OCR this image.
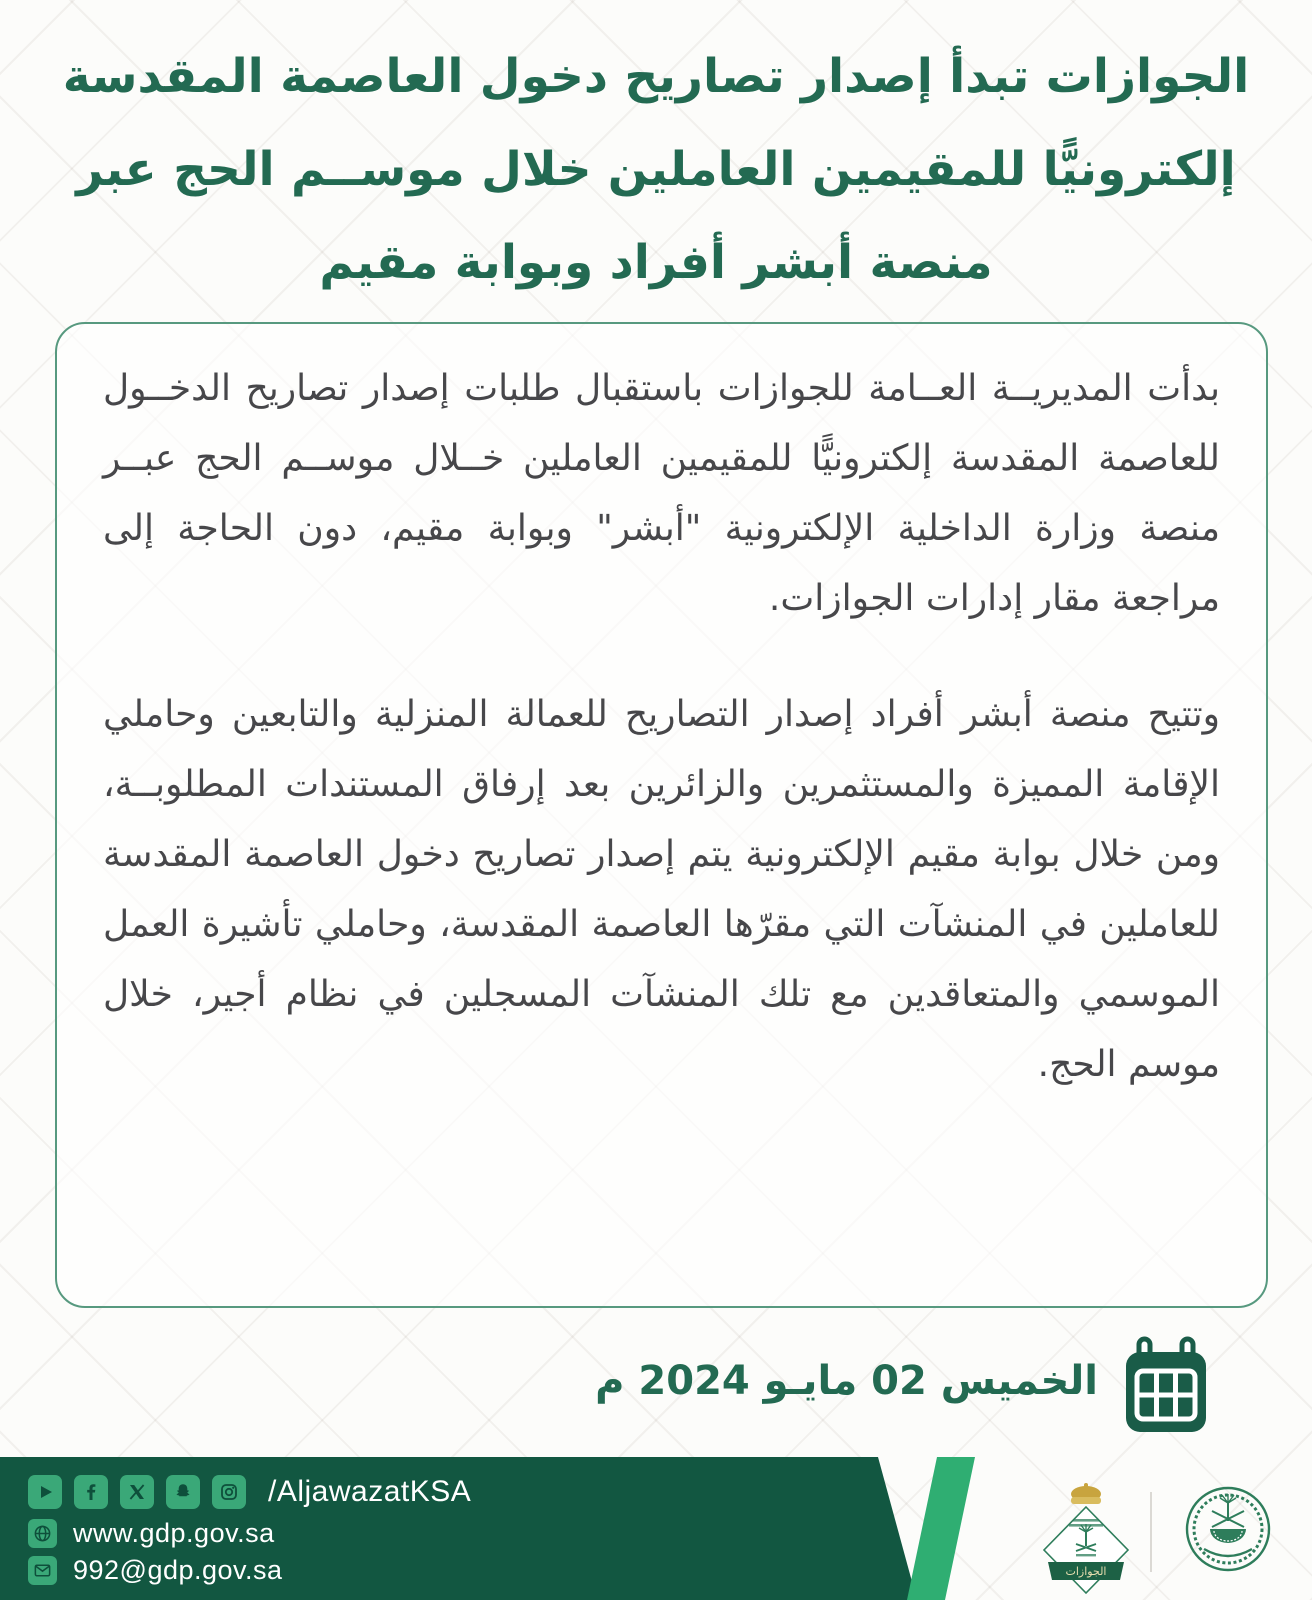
الجوازات تبدأ إصدار تصاريح دخول العاصمة المقدسة
إلكترونيًّا للمقيمين العاملين خلال موســم الحج عبر
منصة أبشر أفراد وبوابة مقيم

بدأت المديريــة العــامة للجوازات باستقبال طلبات إصدار تصاريح الدخــول للعاصمة المقدسة إلكترونيًّا للمقيمين العاملين خــلال موســم الحج عبــر منصة وزارة الداخلية الإلكترونية "أبشر" وبوابة مقيم، دون الحاجة إلى مراجعة مقار إدارات الجوازات.

وتتيح منصة أبشر أفراد إصدار التصاريح للعمالة المنزلية والتابعين وحاملي الإقامة المميزة والمستثمرين والزائرين بعد إرفاق المستندات المطلوبــة، ومن خلال بوابة مقيم الإلكترونية يتم إصدار تصاريح دخول العاصمة المقدسة للعاملين في المنشآت التي مقرّها العاصمة المقدسة، وحاملي تأشيرة العمل الموسمي والمتعاقدين مع تلك المنشآت المسجلين في نظام أجير، خلال موسم الحج.

الخميس 02 مايـو 2024 م
/AljawazatKSA
www.gdp.gov.sa
992@gdp.gov.sa	الجوازات
